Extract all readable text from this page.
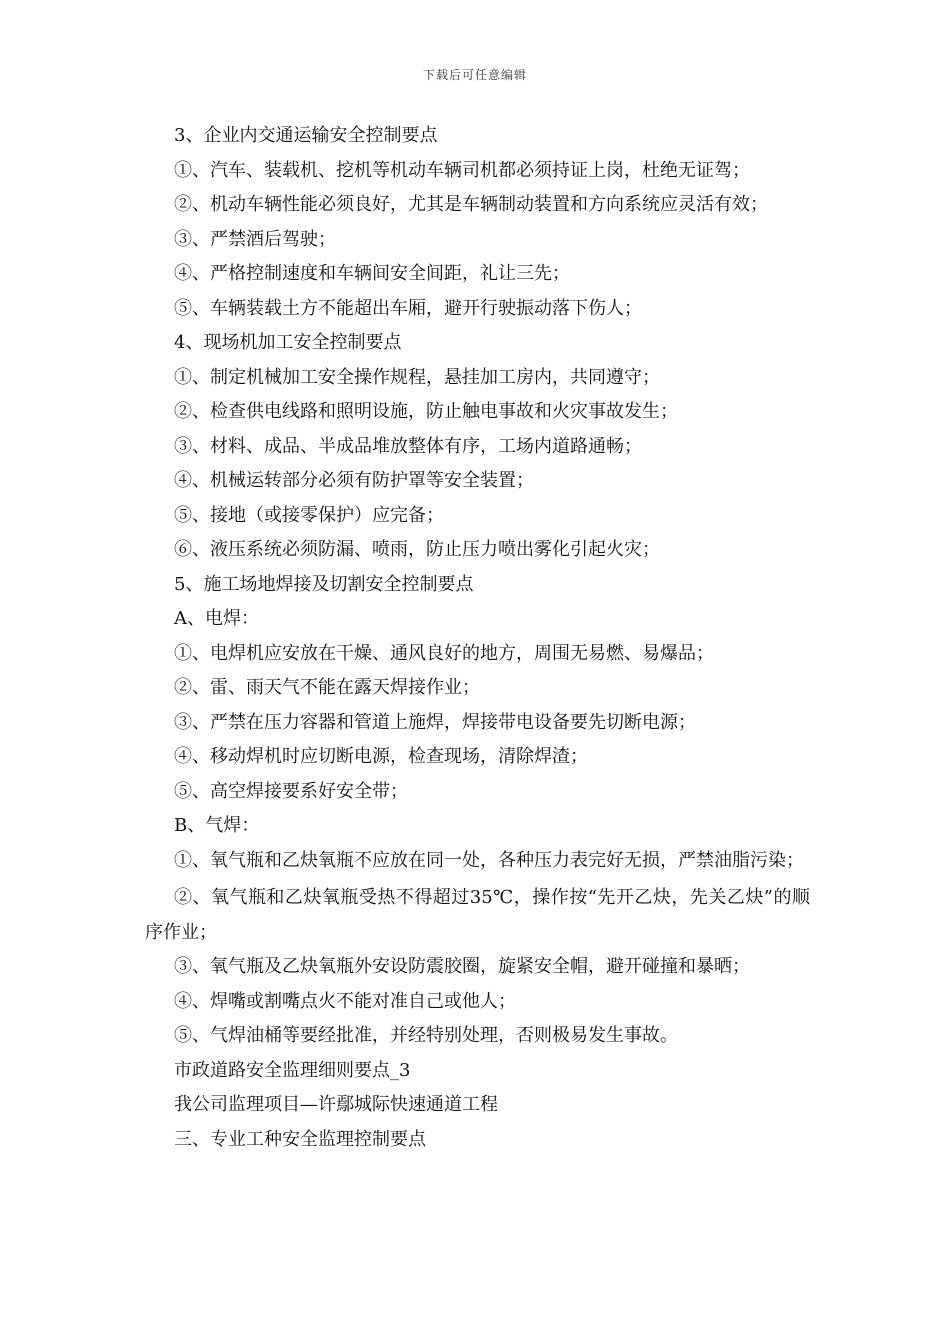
下载后可任意编辑
3、企业内交通运输安全控制要点
①、汽车、装载机、挖机等机动车辆司机都必须持证上岗，杜绝无证驾；
②、机动车辆性能必须良好，尤其是车辆制动装置和方向系统应灵活有效；
③、严禁酒后驾驶；
④、严格控制速度和车辆间安全间距，礼让三先；
⑤、车辆装载土方不能超出车厢，避开行驶振动落下伤人；
4、现场机加工安全控制要点
①、制定机械加工安全操作规程，悬挂加工房内，共同遵守；
②、检查供电线路和照明设施，防止触电事故和火灾事故发生；
③、材料、成品、半成品堆放整体有序，工场内道路通畅；
④、机械运转部分必须有防护罩等安全装置；
⑤、接地（或接零保护）应完备；
⑥、液压系统必须防漏、喷雨，防止压力喷出雾化引起火灾；
5、施工场地焊接及切割安全控制要点
A、电焊：
①、电焊机应安放在干燥、通风良好的地方，周围无易燃、易爆品；
②、雷、雨天气不能在露天焊接作业；
③、严禁在压力容器和管道上施焊，焊接带电设备要先切断电源；
④、移动焊机时应切断电源，检查现场，清除焊渣；
⑤、高空焊接要系好安全带；
B、气焊：
①、氧气瓶和乙炔氧瓶不应放在同一处，各种压力表完好无损，严禁油脂污染；
②、氧气瓶和乙炔氧瓶受热不得超过35℃，操作按“先开乙炔，先关乙炔”的顺序作业；
③、氧气瓶及乙炔氧瓶外安设防震胶圈，旋紧安全帽，避开碰撞和暴晒；
④、焊嘴或割嘴点火不能对准自己或他人；
⑤、气焊油桶等要经批准，并经特别处理，否则极易发生事故。
市政道路安全监理细则要点_3
我公司监理项目—许鄢城际快速通道工程
三、专业工种安全监理控制要点
